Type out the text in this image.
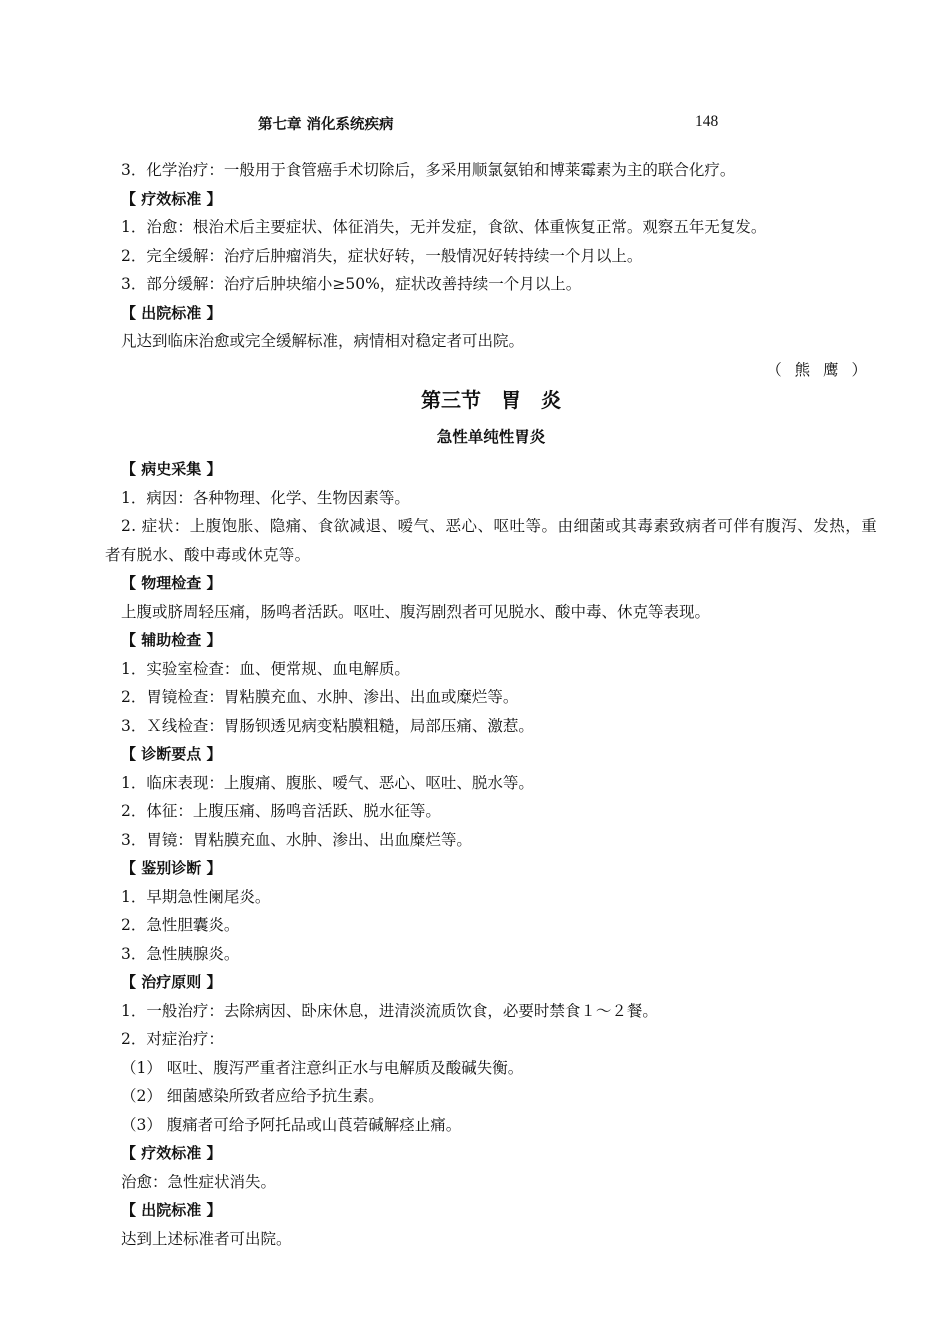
第七章 消化系统疾病	148
3．化学治疗：一般用于食管癌手术切除后，多采用顺氯氨铂和博莱霉素为主的联合化疗。
【 疗效标准 】
1．治愈：根治术后主要症状、体征消失，无并发症，食欲、体重恢复正常。观察五年无复发。
2．完全缓解：治疗后肿瘤消失，症状好转，一般情况好转持续一个月以上。
3．部分缓解：治疗后肿块缩小≥50%，症状改善持续一个月以上。
【 出院标准 】
凡达到临床治愈或完全缓解标准，病情相对稳定者可出院。
（ 熊 鹰 ）
第三节　胃　炎
急性单纯性胃炎
【 病史采集 】
1．病因：各种物理、化学、生物因素等。
2. 症状：上腹饱胀、隐痛、食欲减退、嗳气、恶心、呕吐等。由细菌或其毒素致病者可伴有腹泻、发热，重者有脱水、酸中毒或休克等。
【 物理检查 】
上腹或脐周轻压痛，肠鸣者活跃。呕吐、腹泻剧烈者可见脱水、酸中毒、休克等表现。
【 辅助检查 】
1．实验室检查：血、便常规、血电解质。
2．胃镜检查：胃粘膜充血、水肿、渗出、出血或糜烂等。
3．Ｘ线检查：胃肠钡透见病变粘膜粗糙，局部压痛、激惹。
【 诊断要点 】
1．临床表现：上腹痛、腹胀、嗳气、恶心、呕吐、脱水等。
2．体征：上腹压痛、肠鸣音活跃、脱水征等。
3．胃镜：胃粘膜充血、水肿、渗出、出血糜烂等。
【 鉴别诊断 】
1．早期急性阑尾炎。
2．急性胆囊炎。
3．急性胰腺炎。
【 治疗原则 】
1．一般治疗：去除病因、卧床休息，进清淡流质饮食，必要时禁食１～２餐。
2．对症治疗：
（1） 呕吐、腹泻严重者注意纠正水与电解质及酸碱失衡。
（2） 细菌感染所致者应给予抗生素。
（3） 腹痛者可给予阿托品或山莨菪碱解痉止痛。
【 疗效标准 】
治愈：急性症状消失。
【 出院标准 】
达到上述标准者可出院。
